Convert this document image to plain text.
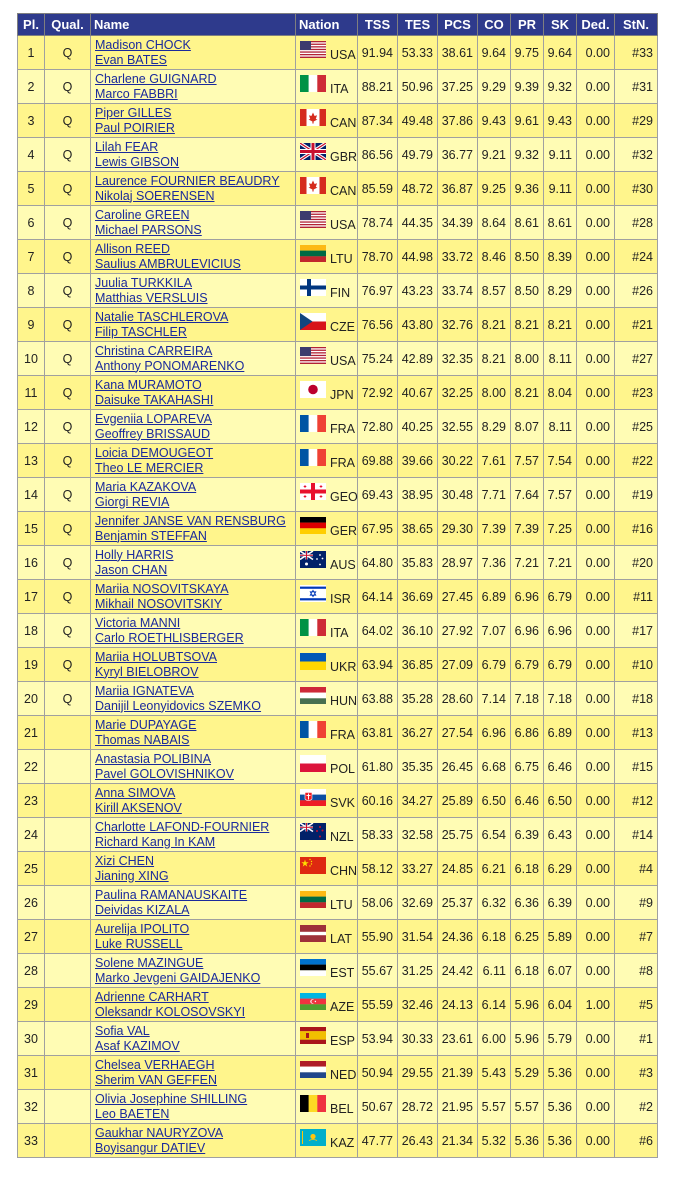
Pl.	Qual.	Name	Nation	TSS	TES	PCS	CO	PR	SK	Ded.	StN.
1	Q	Madison CHOCK
Evan BATES	USA	91.94	53.33	38.61	9.64	9.75	9.64	0.00	#33
2	Q	Charlene GUIGNARD
Marco FABBRI	ITA	88.21	50.96	37.25	9.29	9.39	9.32	0.00	#31
3	Q	Piper GILLES
Paul POIRIER	CAN	87.34	49.48	37.86	9.43	9.61	9.43	0.00	#29
4	Q	Lilah FEAR
Lewis GIBSON	GBR	86.56	49.79	36.77	9.21	9.32	9.11	0.00	#32
5	Q	Laurence FOURNIER BEAUDRY
Nikolaj SOERENSEN	CAN	85.59	48.72	36.87	9.25	9.36	9.11	0.00	#30
6	Q	Caroline GREEN
Michael PARSONS	USA	78.74	44.35	34.39	8.64	8.61	8.61	0.00	#28
7	Q	Allison REED
Saulius AMBRULEVICIUS	LTU	78.70	44.98	33.72	8.46	8.50	8.39	0.00	#24
8	Q	Juulia TURKKILA
Matthias VERSLUIS	FIN	76.97	43.23	33.74	8.57	8.50	8.29	0.00	#26
9	Q	Natalie TASCHLEROVA
Filip TASCHLER	CZE	76.56	43.80	32.76	8.21	8.21	8.21	0.00	#21
10	Q	Christina CARREIRA
Anthony PONOMARENKO	USA	75.24	42.89	32.35	8.21	8.00	8.11	0.00	#27
11	Q	Kana MURAMOTO
Daisuke TAKAHASHI	JPN	72.92	40.67	32.25	8.00	8.21	8.04	0.00	#23
12	Q	Evgeniia LOPAREVA
Geoffrey BRISSAUD	FRA	72.80	40.25	32.55	8.29	8.07	8.11	0.00	#25
13	Q	Loicia DEMOUGEOT
Theo LE MERCIER	FRA	69.88	39.66	30.22	7.61	7.57	7.54	0.00	#22
14	Q	Maria KAZAKOVA
Giorgi REVIA	GEO	69.43	38.95	30.48	7.71	7.64	7.57	0.00	#19
15	Q	Jennifer JANSE VAN RENSBURG
Benjamin STEFFAN	GER	67.95	38.65	29.30	7.39	7.39	7.25	0.00	#16
16	Q	Holly HARRIS
Jason CHAN	AUS	64.80	35.83	28.97	7.36	7.21	7.21	0.00	#20
17	Q	Mariia NOSOVITSKAYA
Mikhail NOSOVITSKIY	ISR	64.14	36.69	27.45	6.89	6.96	6.79	0.00	#11
18	Q	Victoria MANNI
Carlo ROETHLISBERGER	ITA	64.02	36.10	27.92	7.07	6.96	6.96	0.00	#17
19	Q	Mariia HOLUBTSOVA
Kyryl BIELOBROV	UKR	63.94	36.85	27.09	6.79	6.79	6.79	0.00	#10
20	Q	Mariia IGNATEVA
Danijil Leonyidovics SZEMKO	HUN	63.88	35.28	28.60	7.14	7.18	7.18	0.00	#18
21		Marie DUPAYAGE
Thomas NABAIS	FRA	63.81	36.27	27.54	6.96	6.86	6.89	0.00	#13
22		Anastasia POLIBINA
Pavel GOLOVISHNIKOV	POL	61.80	35.35	26.45	6.68	6.75	6.46	0.00	#15
23		Anna SIMOVA
Kirill AKSENOV	SVK	60.16	34.27	25.89	6.50	6.46	6.50	0.00	#12
24		Charlotte LAFOND-FOURNIER
Richard Kang In KAM	NZL	58.33	32.58	25.75	6.54	6.39	6.43	0.00	#14
25		Xizi CHEN
Jianing XING	CHN	58.12	33.27	24.85	6.21	6.18	6.29	0.00	#4
26		Paulina RAMANAUSKAITE
Deividas KIZALA	LTU	58.06	32.69	25.37	6.32	6.36	6.39	0.00	#9
27		Aurelija IPOLITO
Luke RUSSELL	LAT	55.90	31.54	24.36	6.18	6.25	5.89	0.00	#7
28		Solene MAZINGUE
Marko Jevgeni GAIDAJENKO	EST	55.67	31.25	24.42	6.11	6.18	6.07	0.00	#8
29		Adrienne CARHART
Oleksandr KOLOSOVSKYI	AZE	55.59	32.46	24.13	6.14	5.96	6.04	1.00	#5
30		Sofia VAL
Asaf KAZIMOV	ESP	53.94	30.33	23.61	6.00	5.96	5.79	0.00	#1
31		Chelsea VERHAEGH
Sherim VAN GEFFEN	NED	50.94	29.55	21.39	5.43	5.29	5.36	0.00	#3
32		Olivia Josephine SHILLING
Leo BAETEN	BEL	50.67	28.72	21.95	5.57	5.57	5.36	0.00	#2
33		Gaukhar NAURYZOVA
Boyisangur DATIEV	KAZ	47.77	26.43	21.34	5.32	5.36	5.36	0.00	#6
